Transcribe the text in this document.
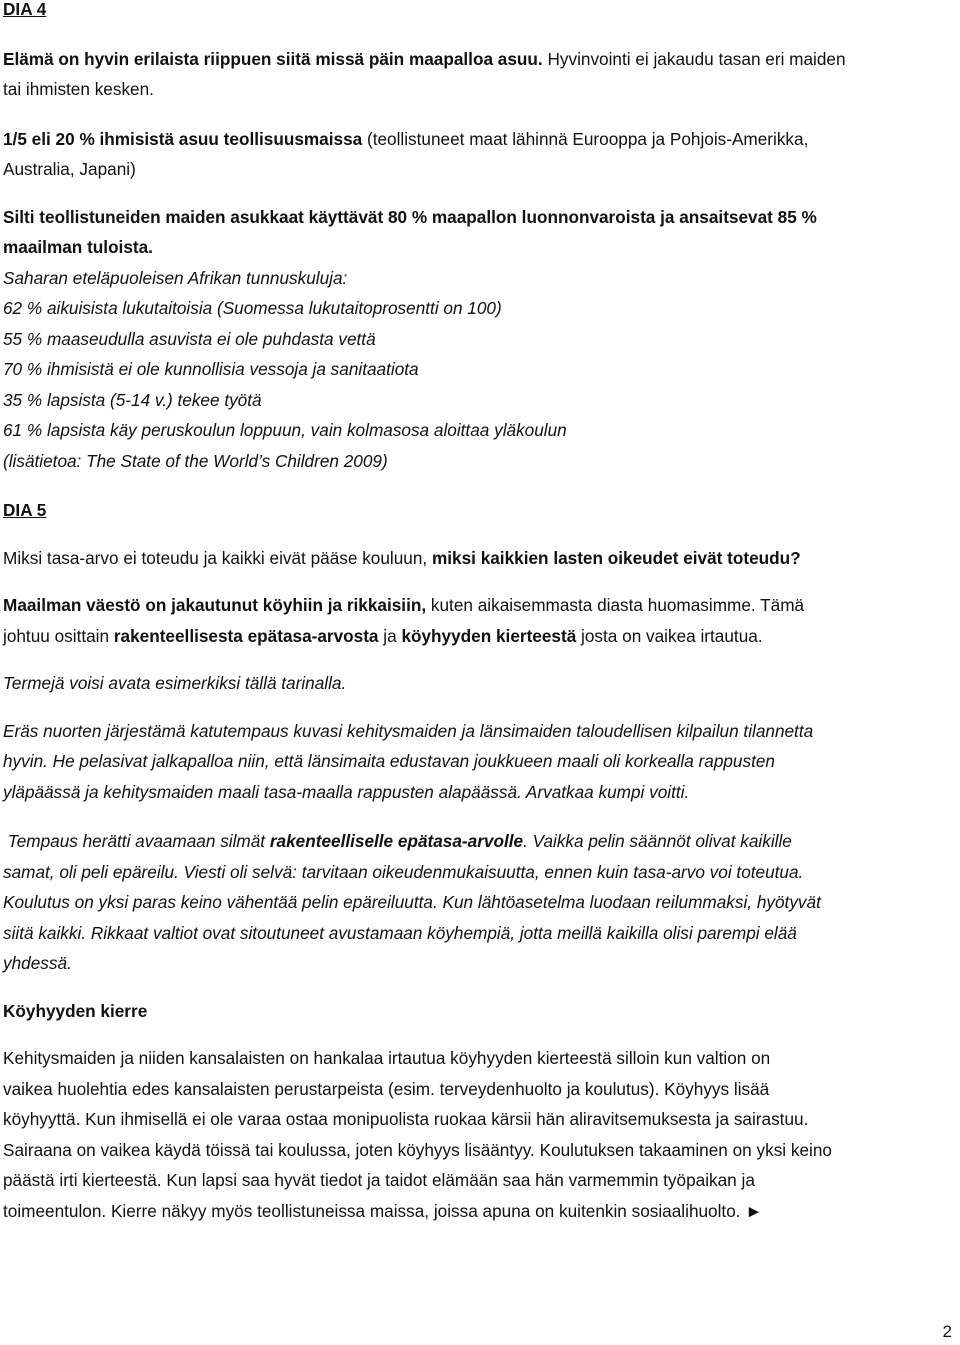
DIA 4
Elämä on hyvin erilaista riippuen siitä missä päin maapalloa asuu. Hyvinvointi ei jakaudu tasan eri maiden
tai ihmisten kesken.
1/5 eli 20 % ihmisistä asuu teollisuusmaissa (teollistuneet maat lähinnä Eurooppa ja Pohjois-Amerikka,
Australia, Japani)
Silti teollistuneiden maiden asukkaat käyttävät 80 % maapallon luonnonvaroista ja ansaitsevat 85 %
maailman tuloista.
Saharan eteläpuoleisen Afrikan tunnuskuluja:
62 % aikuisista lukutaitoisia (Suomessa lukutaitoprosentti on 100)
55 % maaseudulla asuvista ei ole puhdasta vettä
70 % ihmisistä ei ole kunnollisia vessoja ja sanitaatiota
35 % lapsista (5-14 v.) tekee työtä
61 % lapsista käy peruskoulun loppuun, vain kolmasosa aloittaa yläkoulun
(lisätietoa: The State of the World’s Children 2009)
DIA 5
Miksi tasa-arvo ei toteudu ja kaikki eivät pääse kouluun, miksi kaikkien lasten oikeudet eivät toteudu?
Maailman väestö on jakautunut köyhiin ja rikkaisiin, kuten aikaisemmasta diasta huomasimme. Tämä
johtuu osittain rakenteellisesta epätasa-arvosta ja köyhyyden kierteestä josta on vaikea irtautua.
Termejä voisi avata esimerkiksi tällä tarinalla.
Eräs nuorten järjestämä katutempaus kuvasi kehitysmaiden ja länsimaiden taloudellisen kilpailun tilannetta
hyvin. He pelasivat jalkapalloa niin, että länsimaita edustavan joukkueen maali oli korkealla rappusten
yläpäässä ja kehitysmaiden maali tasa-maalla rappusten alapäässä. Arvatkaa kumpi voitti.
Tempaus herätti avaamaan silmät rakenteelliselle epätasa-arvolle. Vaikka pelin säännöt olivat kaikille
samat, oli peli epäreilu. Viesti oli selvä: tarvitaan oikeudenmukaisuutta, ennen kuin tasa-arvo voi toteutua.
Koulutus on yksi paras keino vähentää pelin epäreiluutta. Kun lähtöasetelma luodaan reilummaksi, hyötyvät
siitä kaikki. Rikkaat valtiot ovat sitoutuneet avustamaan köyhempiä, jotta meillä kaikilla olisi parempi elää
yhdessä.
Köyhyyden kierre
Kehitysmaiden ja niiden kansalaisten on hankalaa irtautua köyhyyden kierteestä silloin kun valtion on
vaikea huolehtia edes kansalaisten perustarpeista (esim. terveydenhuolto ja koulutus). Köyhyys lisää
köyhyyttä. Kun ihmisellä ei ole varaa ostaa monipuolista ruokaa kärsii hän aliravitsemuksesta ja sairastuu.
Sairaana on vaikea käydä töissä tai koulussa, joten köyhyys lisääntyy. Koulutuksen takaaminen on yksi keino
päästä irti kierteestä. Kun lapsi saa hyvät tiedot ja taidot elämään saa hän varmemmin työpaikan ja
toimeentulon. Kierre näkyy myös teollistuneissa maissa, joissa apuna on kuitenkin sosiaalihuolto. ►
2
